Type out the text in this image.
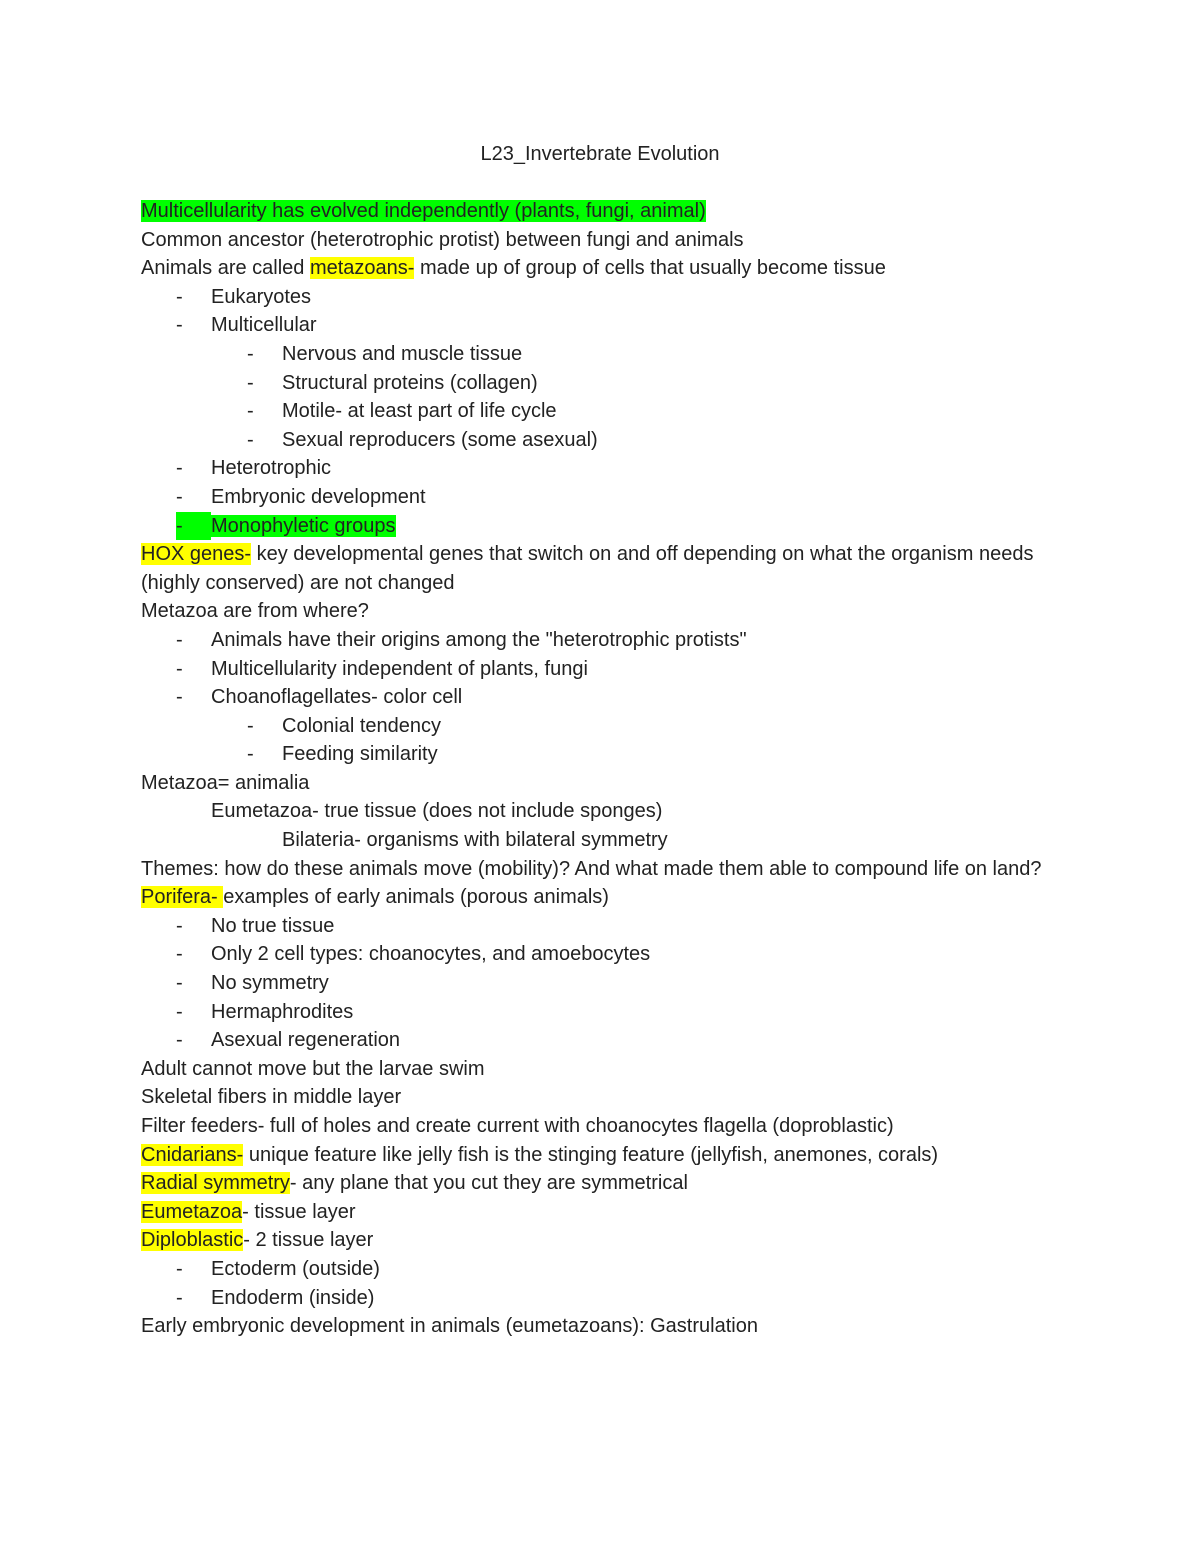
L23_Invertebrate Evolution
Multicellularity has evolved independently (plants, fungi, animal)
Common ancestor (heterotrophic protist) between fungi and animals
Animals are called metazoans- made up of group of cells that usually become tissue
- Eukaryotes
- Multicellular
- Nervous and muscle tissue
- Structural proteins (collagen)
- Motile- at least part of life cycle
- Sexual reproducers (some asexual)
- Heterotrophic
- Embryonic development
-	Monophyletic groups
HOX genes- key developmental genes that switch on and off depending on what the organism needs (highly conserved) are not changed
Metazoa are from where?
- Animals have their origins among the "heterotrophic protists"
- Multicellularity independent of plants, fungi
- Choanoflagellates- color cell
- Colonial tendency
- Feeding similarity
Metazoa= animalia
Eumetazoa- true tissue (does not include sponges)
Bilateria- organisms with bilateral symmetry
Themes: how do these animals move (mobility)? And what made them able to compound life on land?
Porifera- examples of early animals (porous animals)
- No true tissue
- Only 2 cell types: choanocytes, and amoebocytes
- No symmetry
- Hermaphrodites
- Asexual regeneration
Adult cannot move but the larvae swim
Skeletal fibers in middle layer
Filter feeders- full of holes and create current with choanocytes flagella (doproblastic)
Cnidarians- unique feature like jelly fish is the stinging feature (jellyfish, anemones, corals)
Radial symmetry- any plane that you cut they are symmetrical
Eumetazoa- tissue layer
Diploblastic- 2 tissue layer
- Ectoderm (outside)
- Endoderm (inside)
Early embryonic development in animals (eumetazoans): Gastrulation
